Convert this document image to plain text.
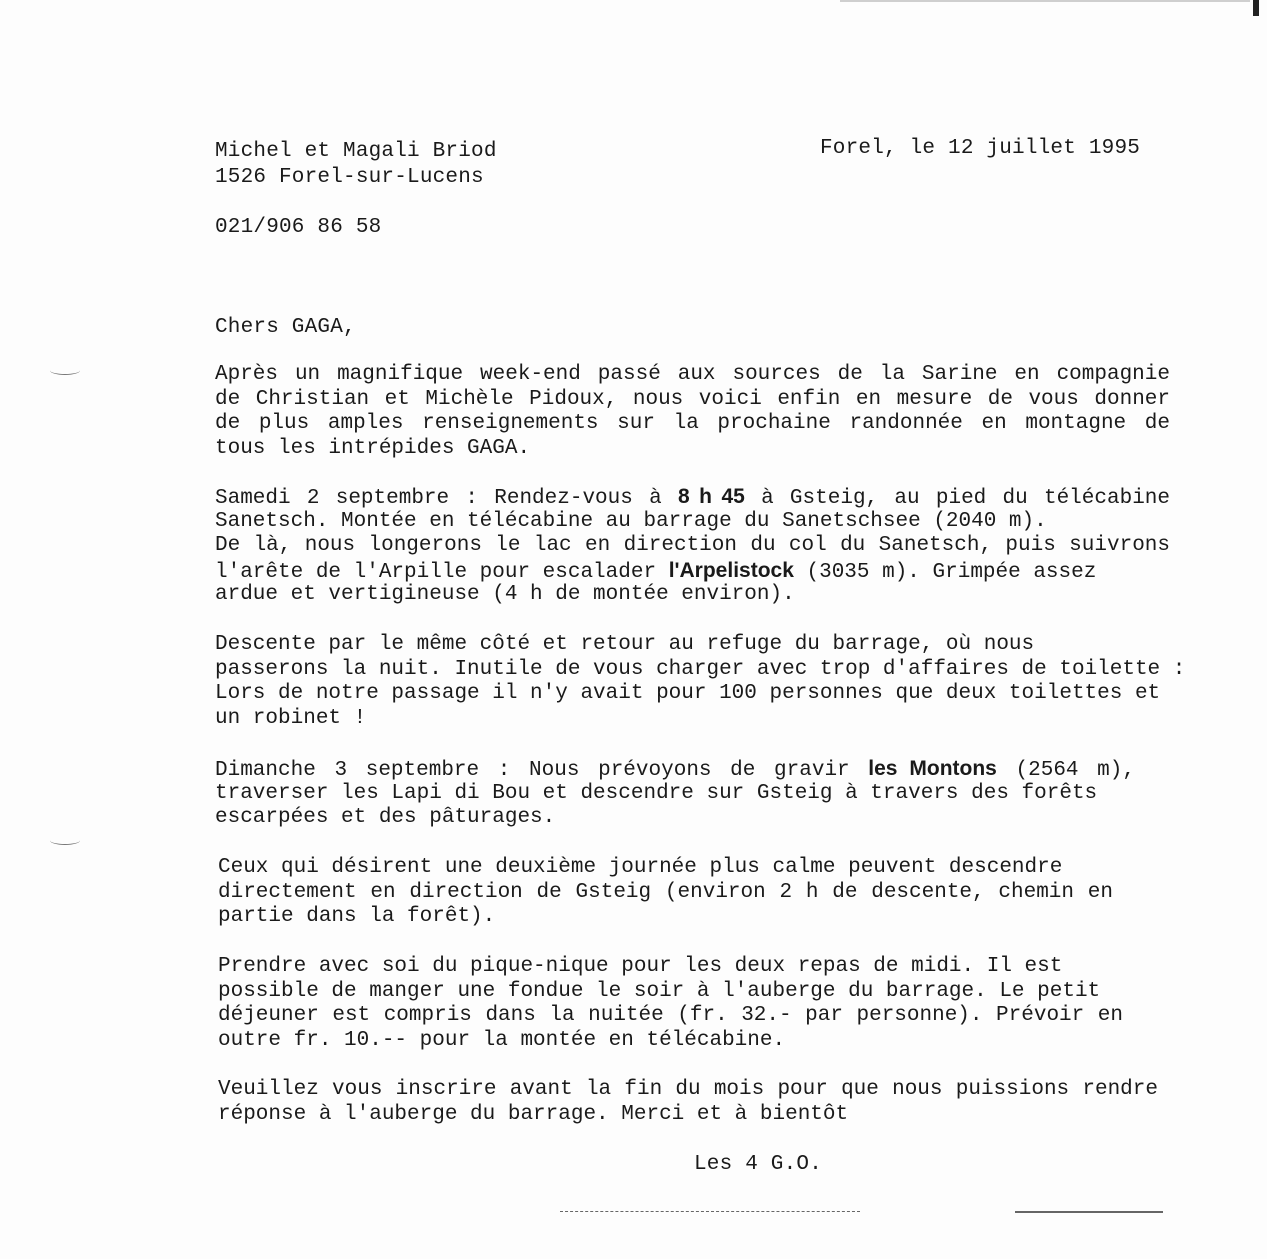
Michel et Magali Briod
1526 Forel-sur-Lucens
021/906 86 58
Forel, le 12 juillet 1995
Chers GAGA,
Après un magnifique week-end passé aux sources de la Sarine en compagnie
de Christian et Michèle Pidoux, nous voici enfin en mesure de vous donner
de plus amples renseignements sur la prochaine randonnée en montagne de
tous les intrépides GAGA.
Samedi 2 septembre : Rendez-vous à 8 h 45 à Gsteig, au pied du télécabine
Sanetsch. Montée en télécabine au barrage du Sanetschsee (2040 m).
De là, nous longerons le lac en direction du col du Sanetsch, puis suivrons
l'arête de l'Arpille pour escalader l'Arpelistock (3035 m). Grimpée assez
ardue et vertigineuse (4 h de montée environ).
Descente par le même côté et retour au refuge du barrage, où nous
passerons la nuit. Inutile de vous charger avec trop d'affaires de toilette :
Lors de notre passage il n'y avait pour 100 personnes que deux toilettes et
un robinet !
Dimanche 3 septembre : Nous prévoyons de gravir les Montons (2564 m),
traverser les Lapi di Bou et descendre sur Gsteig à travers des forêts
escarpées et des pâturages.
Ceux qui désirent une deuxième journée plus calme peuvent descendre
directement en direction de Gsteig (environ 2 h de descente, chemin en
partie dans la forêt).
Prendre avec soi du pique-nique pour les deux repas de midi. Il est
possible de manger une fondue le soir à l'auberge du barrage. Le petit
déjeuner est compris dans la nuitée (fr. 32.- par personne). Prévoir en
outre fr. 10.-- pour la montée en télécabine.
Veuillez vous inscrire avant la fin du mois pour que nous puissions rendre
réponse à l'auberge du barrage. Merci et à bientôt
Les 4 G.O.
